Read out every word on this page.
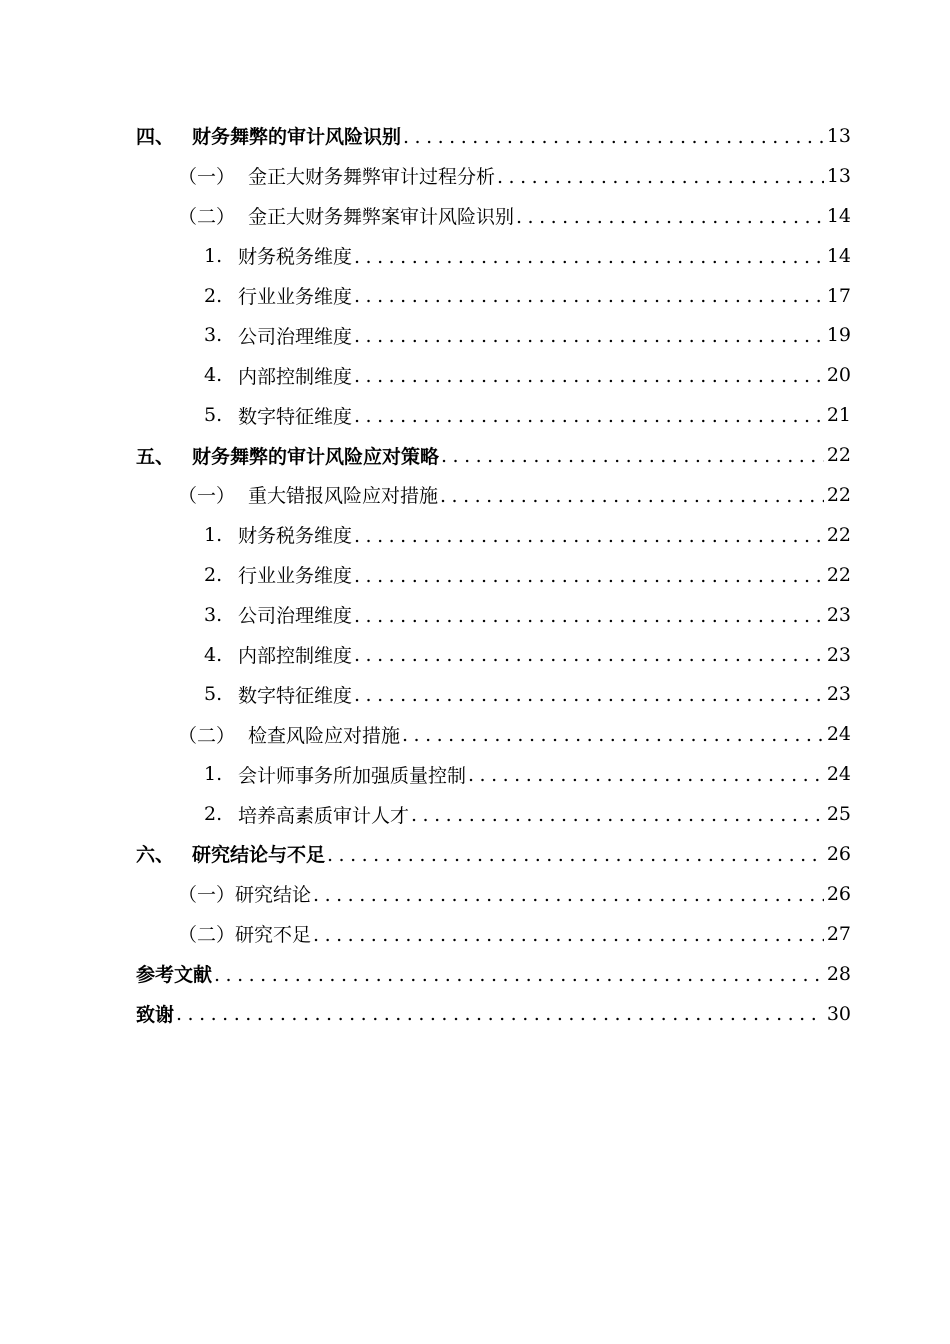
四、 财务舞弊的审计风险识别 .....	13
（一） 金正大财务舞弊审计过程分析 .....	13
（二） 金正大财务舞弊案审计风险识别 .....	14
1. 财务税务维度 .....	14
2. 行业业务维度 .....	17
3. 公司治理维度 .....	19
4. 内部控制维度 .....	20
5. 数字特征维度 .....	21
五、 财务舞弊的审计风险应对策略 .....	22
（一） 重大错报风险应对措施 .....	22
1. 财务税务维度 .....	22
2. 行业业务维度 .....	22
3. 公司治理维度 .....	23
4. 内部控制维度 .....	23
5. 数字特征维度 .....	23
（二） 检查风险应对措施 .....	24
1. 会计师事务所加强质量控制 .....	24
2. 培养高素质审计人才 .....	25
六、 研究结论与不足 .....	26
（一） 研究结论 .....	26
（二） 研究不足 .....	27
参考文献 .....	28
致谢 .....	30
